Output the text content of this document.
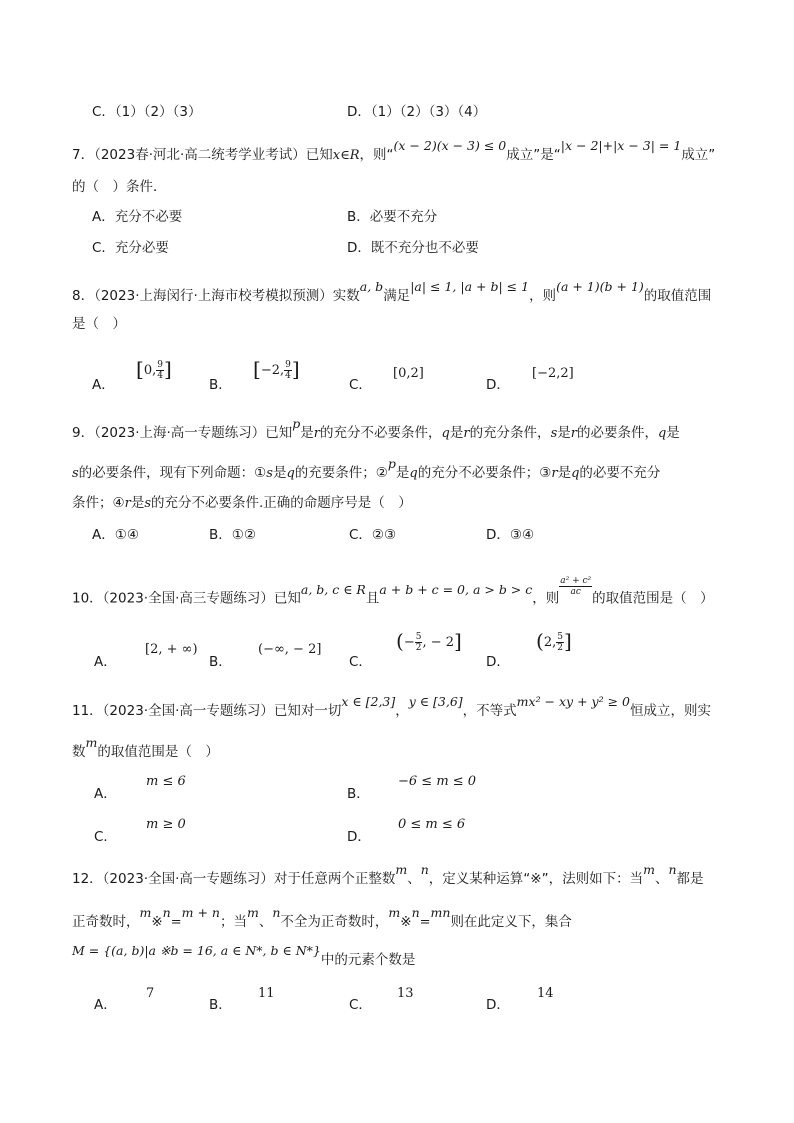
C．（1）（2）（3）	D．（1）（2）（3）（4）
7．（2023春·河北·高二统考学业考试）已知x∈R，则“(x − 2)(x − 3) ≤ 0成立”是“|x − 2|+|x − 3| = 1成立”
的（　）条件．
A．充分不必要	B．必要不充分
C．充分必要	D．既不充分也不必要
8．（2023·上海闵行·上海市校考模拟预测）实数a, b满足|a| ≤ 1, |a + b| ≤ 1，则(a + 1)(b + 1)的取值范围
是（　）
A．
[0, $\frac{9}{4}$ ]
B．
[−2, $\frac{9}{4}$ ]
C．
[0,2]
D．
[−2,2]
9．（2023·上海·高一专题练习）已知p是r的充分不必要条件，q是r的充分条件，s是r的必要条件，q是
s的必要条件，现有下列命题：①s是q的充要条件；②p是q的充分不必要条件；③r是q的必要不充分
条件；④r是s的充分不必要条件.正确的命题序号是（　）
A．①④	B．①②	C．②③	D．③④
10．（2023·全国·高三专题练习）已知a, b, c ∈ R且a + b + c = 0, a > b > c，则
$\frac{\text{a² + c²}}{ac}$
的取值范围是（　）
A．
[2, + ∞)
B．
(−∞, − 2]
C．
(− $\frac{5}{2}$ , − 2]
D．
(2, $\frac{5}{2}$ ]
11．（2023·全国·高一专题练习）已知对一切x ∈ [2,3]，y ∈ [3,6]，不等式mx² − xy + y² ≥ 0恒成立，则实
数m的取值范围是（　）
A．
m ≤ 6
B．
−6 ≤ m ≤ 0
C．
m ≥ 0
D．
0 ≤ m ≤ 6
12．（2023·全国·高一专题练习）对于任意两个正整数m、n，定义某种运算“※”，法则如下：当m、n都是
正奇数时，m※n=m + n；当m、n不全为正奇数时，m※n=mn则在此定义下，集合
M = {(a, b)|a ※b = 16, a ∈ N*, b ∈ N*}中的元素个数是
A．
7
B．
11
C．
13
D．
14
